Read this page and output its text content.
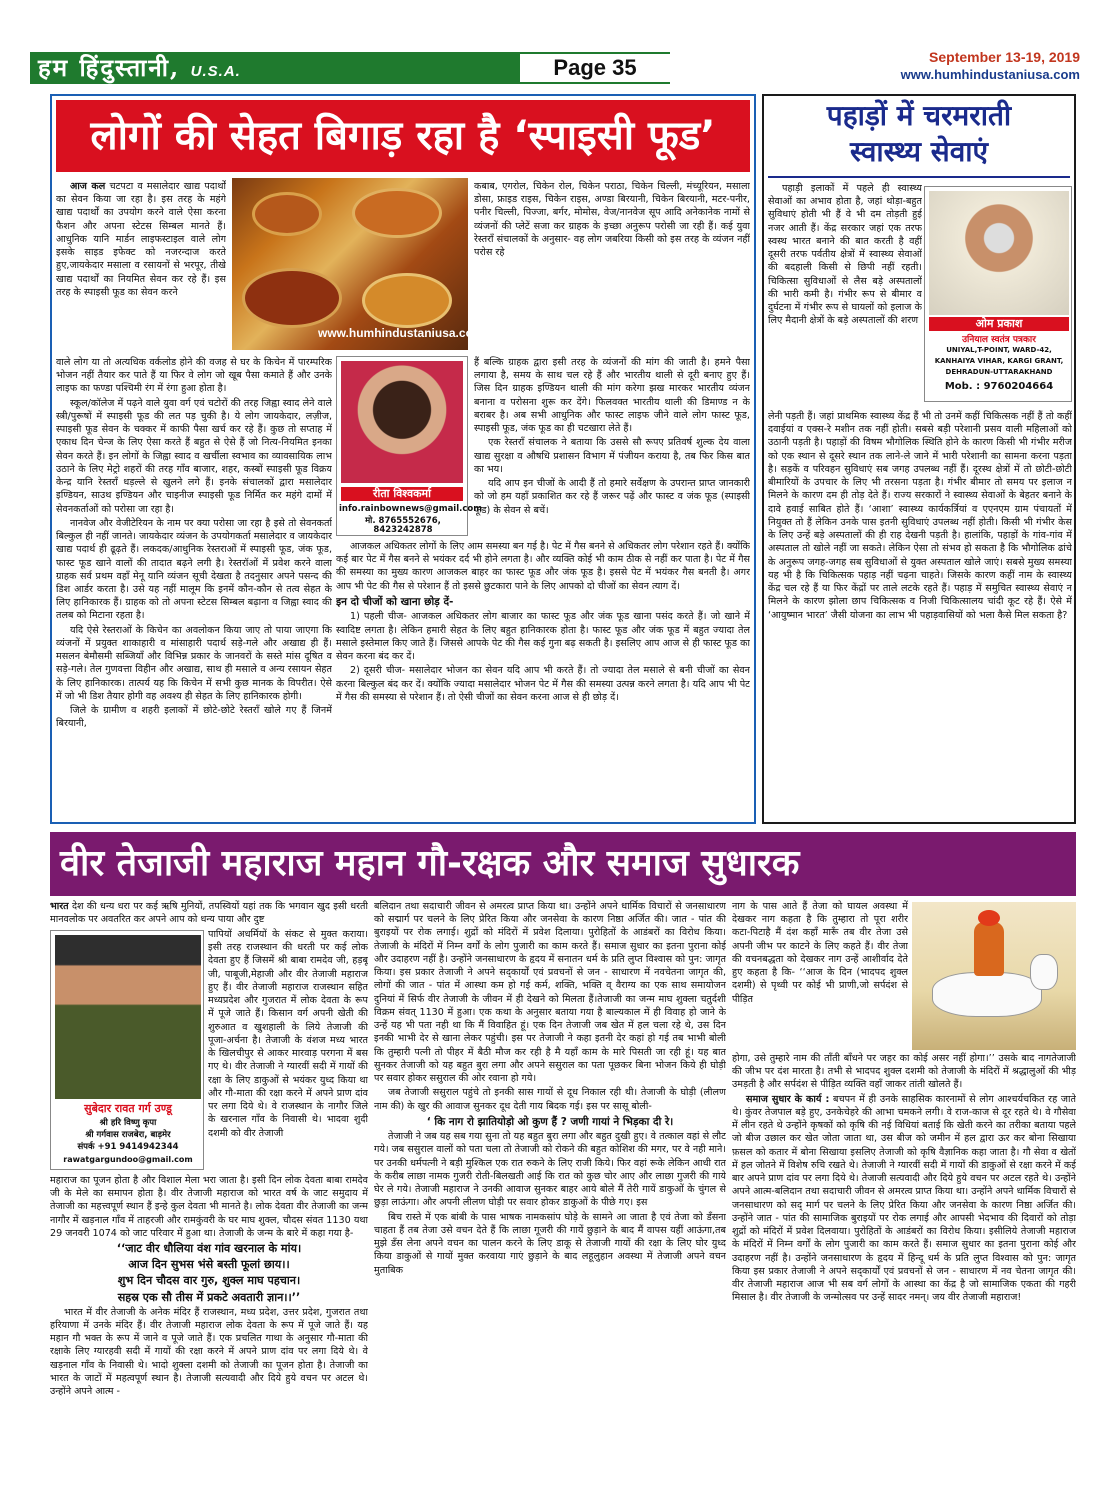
हम हिंदुस्तानी, U.S.A.	Page 35	September 13-19, 2019
www.humhindustaniusa.com
लोगों की सेहत बिगाड़ रहा है ‘स्पाइसी फूड’
www.humhindustaniusa.com

आज कल चटपटा व मसालेदार खाद्य पदार्थों का सेवन किया जा रहा है। इस तरह के महंगे खाद्य पदार्थों का उपयोग करने वाले ऐसा करना फैशन और अपना स्टेटस सिम्बल मानते हैं।आधुनिक यानि मार्डन लाइफस्टाइल वाले लोग इसके साइड इफेक्ट को नजरन्दाज करते हुए,जायकेदार मसाला व रसायनों से भरपूर, तीखे खाद्य पदार्थों का नियमित सेवन कर रहे हैं। इस तरह के स्पाइसी फूड का सेवन करने

कबाब, एगरोल, चिकेन रोल, चिकेन पराठा, चिकेन चिल्ली, मंच्यूरियन, मसाला डोसा, फ्राइड राइस, चिकेन राइस, अण्डा बिरयानी, चिकेन बिरयानी, मटर-पनीर, पनीर चिल्ली, पिज्जा, बर्गर, मोमोस, वेज/नानवेज सूप आदि अनेकानेक नामों से व्यंजनों की प्लेटें सजा कर ग्राहक के इच्छा अनुरूप परोसी जा रही हैं। कई युवा रेस्तरॉं संचालकों के अनुसार- वह लोग जबरिया किसी को इस तरह के व्यंजन नहीं परोस रहे

वाले लोग या तो अत्यधिक वर्कलोड होने की वजह से घर के किचेन में पारम्परिक भोजन नहीं तैयार कर पाते हैं या फिर वे लोग जो खूब पैसा कमाते हैं और उनके लाइफ का फण्डा पश्चिमी रंग में रंगा हुआ होता है।

स्कूल/कॉलेज में पढ़ने वाले युवा वर्ग एवं चटोरों की तरह जिह्वा स्वाद लेने वाले स्त्री/पुरूषों में स्पाइसी फूड की लत पड़ चुकी है। ये लोग जायकेदार, लज़ीज, स्पाइसी फूड सेवन के चक्कर में काफी पैसा खर्च कर रहे हैं। कुछ तो सप्ताह में एकाध दिन चेन्ज के लिए ऐसा करते हैं बहुत से ऐसे हैं जो नित्य-नियमित इनका सेवन करते हैं। इन लोगों के जिह्वा स्वाद व खर्चीला स्वभाव का व्यावसायिक लाभ उठाने के लिए मेट्रो शहरों की तरह गाँव बाजार, शहर, कस्बों स्पाइसी फूड विक्रय केन्द्र यानि रेस्तरॉं धड़ल्ले से खुलने लगे हैं। इनके संचालकों द्वारा मसालेदार इण्डियन, साउथ इण्डियन और चाइनीज स्पाइसी फूड निर्मित कर महंगे दामों में सेवनकर्ताओं को परोसा जा रहा है।

नानवेज और वेजीटेरियन के नाम पर क्या परोसा जा रहा है इसे तो सेवनकर्ता बिल्कुल ही नहीं जानते। जायकेदार व्यंजन के उपयोगकर्ता मसालेदार व जायकेदार खाद्य पदार्थ ही ढूढ़ते हैं। लकदक/आधुनिक रेस्तराओं में स्पाइसी फूड, जंक फूड, फास्ट फूड खाने वालों की तादात बढ़ने लगी है। रेस्तरॉओं में प्रवेश करने वाला ग्राहक सर्व प्रथम वहाँ मेनू यानि व्यंजन सूची देखता है तदनुसार अपने पसन्द की डिश आर्डर करता है। उसे यह नहीं मालूम कि इनमें कौन-कौन से तत्व सेहत के लिए हानिकारक हैं। ग्राहक को तो अपना स्टेटस सिम्बल बढ़ाना व जिह्वा स्वाद की तलब को मिटाना रहता है।

यदि ऐसे रेस्तराओं के किचेन का अवलोकन किया जाए तो पाया जाएगा कि व्यंजनों में प्रयुक्त शाकाहारी व मांसाहारी पदार्थ सड़े-गले और अखाद्य ही हैं। मसलन बेमौसमी सब्जियाँ और विभिन्न प्रकार के जानवरों के सस्ते मांस दूषित व सड़े-गले। तेल गुणवत्ता विहीन और अखाद्य, साथ ही मसाले व अन्य रसायन सेहत के लिए हानिकारक। तात्पर्य यह कि किचेन में सभी कुछ मानक के विपरीत। ऐसे में जो भी डिश तैयार होगी वह अवश्य ही सेहत के लिए हानिकारक होगी।

जिले के ग्रामीण व शहरी इलाकों में छोटे-छोटे रेस्तरॉं खोले गए हैं जिनमें बिरयानी,

रीता विश्वकर्मा
info.rainbownews@gmail.com
मो. 8765552676,
8423242878

हैं बल्कि ग्राहक द्वारा इसी तरह के व्यंजनों की मांग की जाती है। हमने पैसा लगाया है, समय के साथ चल रहे हैं और भारतीय थाली से दूरी बनाए हुए हैं। जिस दिन ग्राहक इण्डियन थाली की मांग करेगा झख मारकर भारतीय व्यंजन बनाना व परोसना शुरू कर देंगे। फिलवक्त भारतीय थाली की डिमाण्ड न के बराबर है। अब सभी आधुनिक और फास्ट लाइफ जीने वाले लोग फास्ट फूड, स्पाइसी फूड, जंक फूड का ही चटखारा लेते हैं।

एक रेस्तराँ संचालक ने बताया कि उससे सौ रूपए प्रतिवर्ष शुल्क देय वाला खाद्य सुरक्षा व औषधि प्रशासन विभाग में पंजीयन कराया है, तब फिर किस बात का भय।

यदि आप इन चीजों के आदी हैं तो हमारे सर्वेक्षण के उपरान्त प्राप्त जानकारी को जो हम यहाँ प्रकाशित कर रहे हैं जरूर पढ़ें और फास्ट व जंक फूड (स्पाइसी फूड) के सेवन से बचें।

आजकल अधिकतर लोगों के लिए आम समस्या बन गई है। पेट में गैस बनने से अधिकतर लोग परेशान रहते हैं। क्योंकि कई बार पेट में गैस बनने से भयंकर दर्द भी होने लगता है। और व्यक्ति कोई भी काम ठीक से नहीं कर पाता है। पेट में गैस की समस्या का मुख्य कारण आजकल बाहर का फास्ट फूड और जंक फूड है। इससे पेट में भयंकर गैस बनती है। अगर आप भी पेट की गैस से परेशान हैं तो इससे छुटकारा पाने के लिए आपको दो चीजों का सेवन त्याग दें।

इन दो चीजों को खाना छोड़ दें-

1) पहली चीज- आजकल अधिकतर लोग बाजार का फास्ट फूड और जंक फूड खाना पसंद करते हैं। जो खाने में स्वादिष्ट लगता है। लेकिन हमारी सेहत के लिए बहुत हानिकारक होता है। फास्ट फूड और जंक फूड में बहुत ज्यादा तेल मसाले इस्तेमाल किए जाते हैं। जिससे आपके पेट की गैस कई गुना बढ़ सकती है। इसलिए आप आज से ही फास्ट फूड का सेवन करना बंद कर दें।

2) दूसरी चीज- मसालेदार भोजन का सेवन यदि आप भी करते हैं। तो ज्यादा तेल मसाले से बनी चीजों का सेवन करना बिल्कुल बंद कर दें। क्योंकि ज्यादा मसालेदार भोजन पेट में गैस की समस्या उत्पन्न करने लगता है। यदि आप भी पेट में गैस की समस्या से परेशान हैं। तो ऐसी चीजों का सेवन करना आज से ही छोड़ दें।

पहाड़ों में चरमराती
स्वास्थ्य सेवाएं

पहाड़ी इलाकों में पहले ही स्वास्थ्य सेवाओं का अभाव होता है, जहां थोड़ा-बहुत सुविधाएं होती भी हैं वे भी दम तोड़ती हुई नजर आती हैं। केंद्र सरकार जहां एक तरफ स्वस्थ भारत बनाने की बात करती है वहीं दूसरी तरफ पर्वतीय क्षेत्रों में स्वास्थ्य सेवाओं की बदहाली किसी से छिपी नहीं रहती। चिकित्सा सुविधाओं से लैस बड़े अस्पतालों की भारी कमी है। गंभीर रूप से बीमार व दुर्घटना में गंभीर रूप से घायलों को इलाज के लिए मैदानी क्षेत्रों के बड़े अस्पतालों की शरण	ओम प्रकाश
उनियाल स्वतंत्र पत्रकार
UNIYAL,T-POINT, WARD-42,
KANHAIYA VIHAR, KARGI GRANT,
DEHRADUN-UTTARAKHAND
Mob. : 9760204664

लेनी पड़ती हैं। जहां प्राथमिक स्वास्थ्य केंद्र हैं भी तो उनमें कहीं चिकित्सक नहीं हैं तो कहीं दवाईयां व एक्स-रे मशीन तक नहीं होती। सबसे बड़ी परेशानी प्रसव वाली महिलाओं को उठानी पड़ती है। पहाड़ों की विषम भौगोलिक स्थिति होने के कारण किसी भी गंभीर मरीज को एक स्थान से दूसरे स्थान तक लाने-ले जाने में भारी परेशानी का सामना करना पड़ता है। सड़कें व परिवहन सुविधाएं सब जगह उपलब्ध नहीं हैं। दूरस्थ क्षेत्रों में तो छोटी-छोटी बीमारियों के उपचार के लिए भी तरसना पड़ता है। गंभीर बीमार तो समय पर इलाज न मिलने के कारण दम ही तोड़ देते हैं। राज्य सरकारों ने स्वास्थ्य सेवाओं के बेहतर बनाने के दावे हवाई साबित होते हैं। ‘आशा’ स्वास्थ्य कार्यकर्त्रियां व एएनएम ग्राम पंचायतों में नियुक्त तो हैं लेकिन उनके पास इतनी सुविधाएं उपलब्ध नहीं होती। किसी भी गंभीर केस के लिए उन्हें बड़े अस्पतालों की ही राह देखनी पड़ती है। हालांकि, पहाड़ों के गांव-गांव में अस्पताल तो खोले नहीं जा सकते। लेकिन ऐसा तो संभव हो सकता है कि भौगोलिक ढांचे के अनुरूप जगह-जगह सब सुविधाओं से युक्त अस्पताल खोले जाएं। सबसे मुख्य समस्या यह भी है कि चिकित्सक पहाड़ नहीं चढ़ना चाहते। जिसके कारण कहीं नाम के स्वास्थ्य केंद्र चल रहे हैं या फिर केंद्रों पर ताले लटके रहते हैं। पहाड़ में समुचित स्वास्थ्य सेवाएं न मिलने के कारण झोला छाप चिकित्सक व निजी चिकित्सालय चांदी कूट रहे हैं। ऐसे में ‘आयुष्मान भारत’ जैसी योजना का लाभ भी पहाड़वासियों को भला कैसे मिल सकता है?

वीर तेजाजी महाराज महान गौ-रक्षक और समाज सुधारक
सुबेदार रावत गर्ग उण्डू
श्री हरि विष्णु कृपा
श्री गर्गवास राजबेरा, बाड़मेर
संपर्क +91 9414942344
rawatgargundoo@gmail.com

भारत देश की धन्य धरा पर कई ऋषि मुनियों, तपस्वियों यहां तक कि भगवान खुद इसी धरती मानवलोक पर अवतरित कर अपने आप को धन्य पाया और दुष्ट

पापियों अधर्मियों के संकट से मुक्त कराया। इसी तरह राजस्थान की धरती पर कई लोक देवता हुए हैं जिसमें श्री बाबा रामदेव जी, हड़बू जी, पाबूजी,मेहाजी और वीर तेजाजी महाराज हुए हैं। वीर तेजाजी महाराज राजस्थान सहित मध्यप्रदेश और गुजरात में लोक देवता के रूप में पूजे जाते हैं। किसान वर्ग अपनी खेती की शुरुआत व खुशहाली के लिये तेजाजी की पूजा-अर्चना है। तेजाजी के वंशज मध्य भारत के खिलचीपुर से आकर मारवाड़ परगना में बस गए थे। वीर तेजाजी ने ग्यारवीं सदी में गायों की रक्षा के लिए डाकुओं से भयंकर युध्द किया था और गौ-माता की रक्षा करने में अपने प्राण दांव पर लगा दिये थे। वे राजस्थान के नागौर जिले के खरनाल गाँव के निवासी थे। भादवा शुदी दशमी को वीर तेजाजी

महाराज का पूजन होता है और विशाल मेला भरा जाता है। इसी दिन लोक देवता बाबा रामदेव जी के मेले का समापन होता है। वीर तेजाजी महाराज को भारत वर्ष के जाट समुदाय में तेजाजी का महत्त्वपूर्ण स्थान हैं इन्हे कुल देवता भी मानते है। लोक देवता वीर तेजाजी का जन्म नागौर में खड़नाल गाँव में ताहरजी और रामकुंवरी के घर माघ शुक्ल, चौदस संवत 1130 यथा 29 जनवरी 1074 को जाट परिवार में हुआ था। तेजाजी के जन्म के बारे में कहा गया है-

‘‘जाट वीर धौलिया वंश गांव खरनाल के मांय।

आज दिन सुभस भंसे बस्ती फूलां छाय।।

शुभ दिन चौदस वार गुरु, शुक्ल माघ पहचान।

सहस्र एक सौ तीस में प्रकटे अवतारी ज्ञान।।’’

भारत में वीर तेजाजी के अनेक मंदिर हैं राजस्थान, मध्य प्रदेश, उत्तर प्रदेश, गुजरात तथा हरियाणा में उनके मंदिर हैं। वीर तेजाजी महाराज लोक देवता के रूप में पूजे जाते हैं। यह महान गौ भक्त के रूप में जाने व पूजे जाते हैं। एक प्रचलित गाथा के अनुसार गौ-माता की रक्षाके लिए ग्यारहवी सदी में गायों की रक्षा करने में अपने प्राण दांव पर लगा दिये थे। वे खड़नाल गाँव के निवासी थे। भादो शुक्ला दशमी को तेजाजी का पूजन होता है। तेजाजी का भारत के जाटों में महत्वपूर्ण स्थान है। तेजाजी सत्यवादी और दिये हुये वचन पर अटल थे। उन्होंने अपने आत्म -

बलिदान तथा सदाचारी जीवन से अमरत्व प्राप्त किया था। उन्होंने अपने धार्मिक विचारों से जनसाधारण को सद्मार्ग पर चलने के लिए प्रेरित किया और जनसेवा के कारण निष्ठा अर्जित की। जात - पांत की बुराइयों पर रोक लगाई। शुद्रों को मंदिरों में प्रवेश दिलाया। पुरोहितों के आडंबरों का विरोध किया। तेजाजी के मंदिरों में निम्न वर्गों के लोग पुजारी का काम करते हैं। समाज सुधार का इतना पुराना कोई और उदाहरण नहीं है। उन्होंने जनसाधारण के हृदय में सनातन धर्म के प्रति लुप्त विश्वास को पुन: जागृत किया। इस प्रकार तेजाजी ने अपने सद्‌कार्यों एवं प्रवचनों से जन - साधारण में नवचेतना जागृत की, लोगों की जात - पांत में आस्था कम हो गई कर्म, शक्ति, भक्ति व् वैराग्य का एक साथ समायोजन दुनियां में सिर्फ वीर तेजाजी के जीवन में ही देखने को मिलता हैं।तेजाजी का जन्म माघ शुक्ला चतुर्दशी विक्रम संवत् 1130 में हुआ। एक कथा के अनुसार बताया गया है बाल्यकाल में ही विवाह हो जाने के उन्हें यह भी पता नही था कि मैं विवाहित हूं। एक दिन तेजाजी जब खेत में हल चला रहे थे, उस दिन इनकी भाभी देर से खाना लेकर पहुंची। इस पर तेजाजी ने कहा इतनी देर कहां हो गई तब भाभी बोली कि तुम्हारी पत्नी तो पीहर में बैठी मौज कर रही है मै यहाँ काम के मारे पिसती जा रही हूं। यह बात सुनकर तेजाजी को यह बहुत बुरा लगा और अपने ससुराल का पता पूछकर बिना भोजन किये ही घोड़ी पर सवार होकर ससुराल की ओर रवाना हो गये।

जब तेजाजी ससुराल पहुंचे तो इनकी सास गायों से दूध निकाल रही थी। तेजाजी के घोड़ी (लीलण नाम की) के खुर की आवाज सुनकर दूध देती गाय बिदक गई। इस पर सासू बोली-

‘ कि नाग रो झातियोड़ो ओ कुण हैं ? जणी गायां ने भिड़का दी रे।

तेजाजी ने जब यह सब गया सुना तो यह बहुत बुरा लगा और बहुत दुखी हुए। वे तत्काल वहां से लौट गये। जब ससुराल वालों को पता चला तो तेजाजी को रोकने की बहुत कोशिश की मगर, पर वे नही माने। पर उनकी धर्मपत्नी ने बड़ी मुश्किल एक रात रुकने के लिए राजी किये। फिर वहां रूके लेकिन आधी रात के करीब लाछा नामक गुजरी रोती-बिलखती आई कि रात को कुछ चोर आए और लाछा गुजरी की गाये घेर ले गये। तेजाजी महाराज ने उनकी आवाज सुनकर बाहर आये बोले मैं तेरी गायें डाकुओं के चुंगल से छुड़ा लाऊंगा। और अपनी लीलण घोड़ी पर सवार होकर डाकुओं के पीछे गए। इस

बिच रास्ते में एक बांबी के पास भाषक नामकसांप घोड़े के सामने आ जाता है एवं तेजा को डँसना चाहता हैं तब तेजा उसे वचन देते हैं कि लाछा गूजरी की गायें छुड़ाने के बाद मैं वापस यहीं आऊंगा,तब मुझे डँस लेना अपने वचन का पालन करने के लिए डाकू से तेजाजी गायों की रक्षा के लिए घोर युध्द किया डाकुओं से गायों मुक्त करवाया गाएं छुड़ाने के बाद लहूलुहान अवस्था में तेजाजी अपने वचन मुताबिक

नाग के पास आते हैं तेजा को घायल अवस्था में देखकर नाग कहता है कि तुम्हारा तो पूरा शरीर कटा-पिटाहै मैं दंश कहाँ मारूँ तब वीर तेजा उसे अपनी जीभ पर काटने के लिए कहते हैं। वीर तेजा की वचनबद्धता को देखकर नाग उन्हें आशीर्वाद देते हुए कहता है कि- ‘‘आज के दिन (भादपद शुक्ल दशमी) से पृथ्वी पर कोई भी प्राणी,जो सर्पदंश से पीड़ित

होगा, उसे तुम्हारे नाम की ताँती बाँधने पर जहर का कोई असर नहीं होगा।’’ उसके बाद नागतेजाजी की जीभ पर दंश मारता है। तभी से भादपद शुक्ल दशमी को तेजाजी के मंदिरों में श्रद्धालुओं की भीड़ उमड़ती है और सर्पदंश से पीड़ित व्यक्ति वहाँ जाकर तांती खोलते हैं।

समाज सुधार के कार्य : बचपन में ही उनके साहसिक कारनामों से लोग आश्चर्यचकित रह जाते थे। कुंवर तेजपाल बड़े हुए, उनकेचेहरे की आभा चमकने लगी। वे राज-काज से दूर रहते थे। वे गौसेवा में लीन रहते थे उन्होंने कृषकों को कृषि की नई विधियां बताई कि खेती करने का तरीका बताया पहले जो बीज उछाल कर खेत जोता जाता था, उस बीज को जमीन में हल द्वारा ऊर कर बोना सिखाया फ़सल को कतार में बोना सिखाया इसलिए तेजाजी को कृषि वैज्ञानिक कहा जाता है। गौ सेवा व खेतों में हल जोतने में विशेष रुचि रखते थे। तेजाजी ने ग्यारवीं सदी में गायों की डाकुओं से रक्षा करने में कई बार अपने प्राण दांव पर लगा दिये थे। तेजाजी सत्यवादी और दिये हुये वचन पर अटल रहते थे। उन्होंने अपने आत्म-बलिदान तथा सदाचारी जीवन से अमरत्व प्राप्त किया था। उन्होंने अपने धार्मिक विचारों से जनसाधारण को सद् मार्ग पर चलने के लिए प्रेरित किया और जनसेवा के कारण निष्ठा अर्जित की। उन्होंने जात - पांत की सामाजिक बुराइयों पर रोक लगाई और आपसी भेदभाव की दिवारों को तोड़ा शुद्रों को मंदिरों में प्रवेश दिलवाया। पुरोहितों के आडंबरों का विरोध किया। इसीलिये तेजाजी महाराज के मंदिरों में निम्न वर्गों के लोग पुजारी का काम करते हैं। समाज सुधार का इतना पुराना कोई और उदाहरण नहीं है। उन्होंने जनसाधारण के हृदय में हिन्दू धर्म के प्रति लुप्त विश्वास को पुन: जागृत किया इस प्रकार तेजाजी ने अपने सद्‌कार्यों एवं प्रवचनों से जन - साधारण में नव चेतना जागृत की। वीर तेजाजी महाराज आज भी सब वर्ग लोगों के आस्था का केंद्र है जो सामाजिक एकता की गहरी मिसाल है। वीर तेजाजी के जन्मोत्सव पर उन्हें सादर नमन्। जय वीर तेजाजी महाराज!
